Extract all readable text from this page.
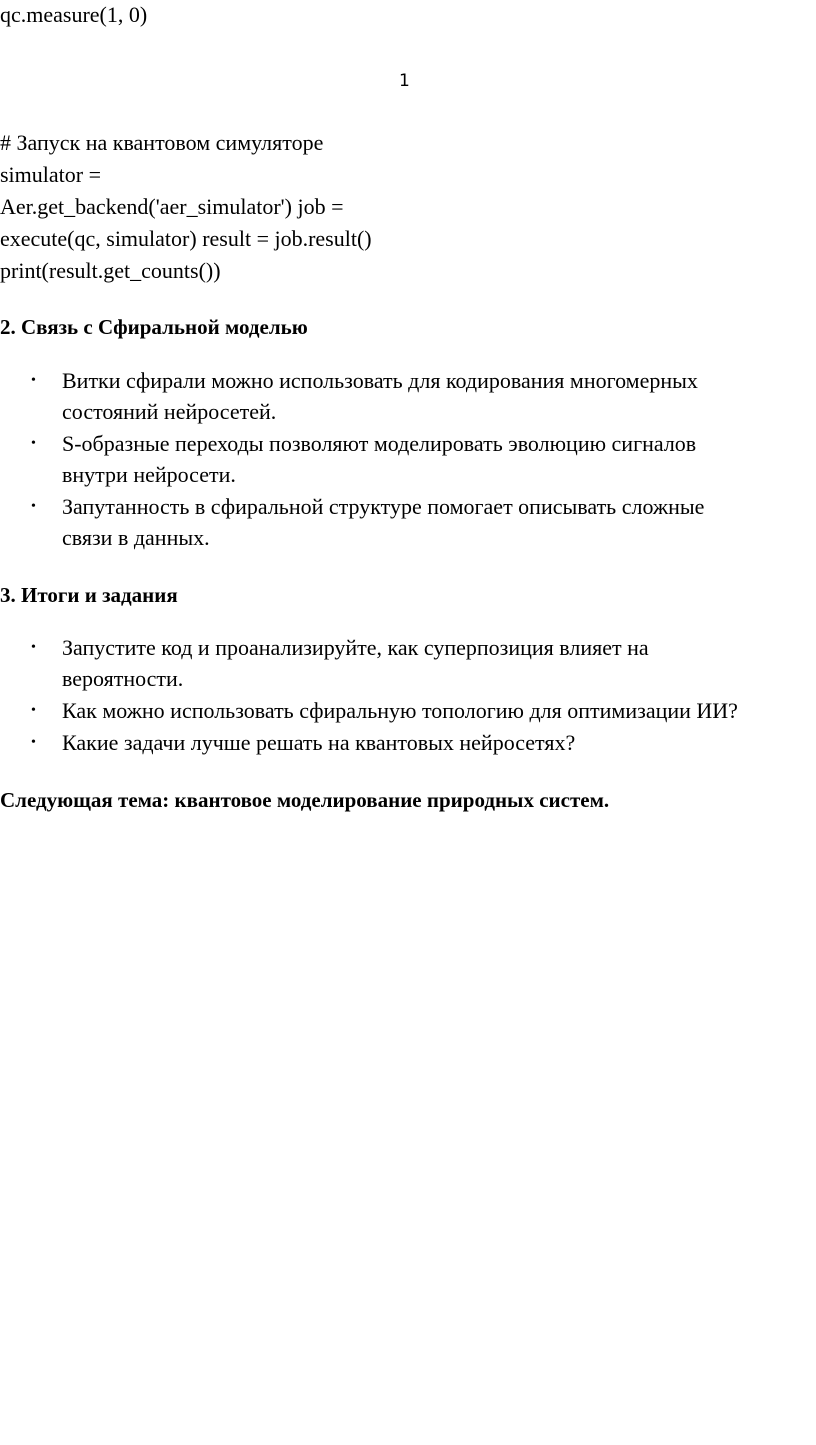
qc.measure(1, 0)
1
# Запуск на квантовом симуляторе
simulator =
Aer.get_backend('aer_simulator') job =
execute(qc, simulator) result = job.result()
print(result.get_counts())
2. Связь с Сфиральной моделью
• Витки сфирали можно использовать для кодирования многомерных
состояний нейросетей.
• S-образные переходы позволяют моделировать эволюцию сигналов
внутри нейросети.
• Запутанность в сфиральной структуре помогает описывать сложные
связи в данных.
3. Итоги и задания
• Запустите код и проанализируйте, как суперпозиция влияет на
вероятности.
• Как можно использовать сфиральную топологию для оптимизации ИИ?
• Какие задачи лучше решать на квантовых нейросетях?
Следующая тема: квантовое моделирование природных систем.
